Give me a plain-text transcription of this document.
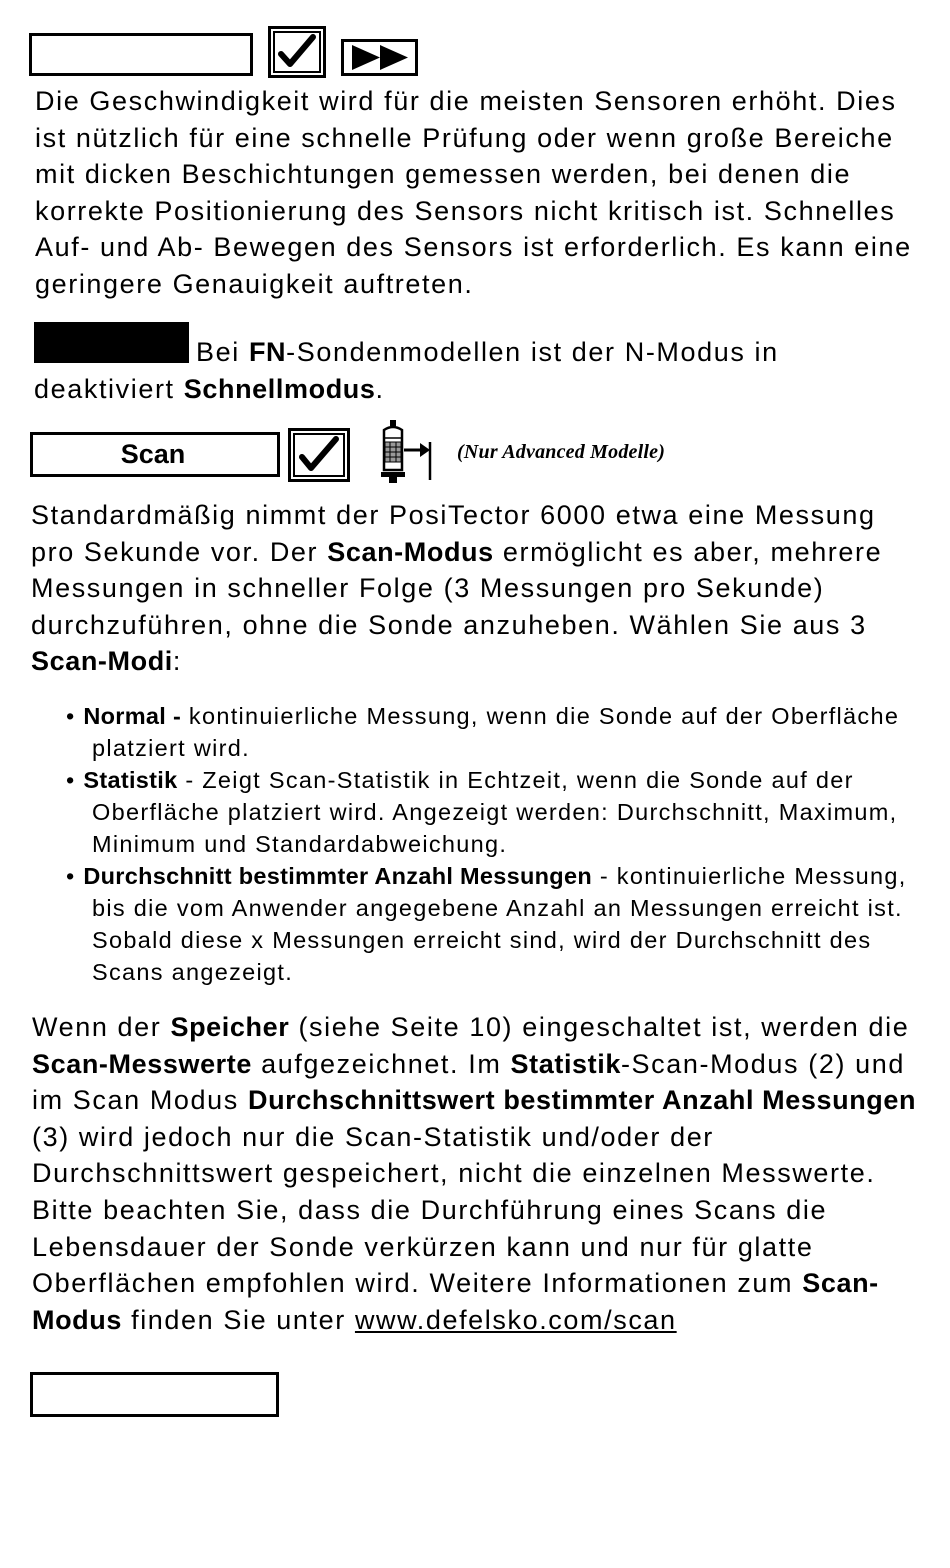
Die Geschwindigkeit wird für die meisten Sensoren erhöht. Dies ist nützlich für eine schnelle Prüfung oder wenn große Bereiche mit dicken Beschichtungen gemessen werden, bei denen die korrekte Positionierung des Sensors nicht kritisch ist. Schnelles Auf- und Ab- Bewegen des Sensors ist erforderlich. Es kann eine geringere Genauigkeit auftreten.

Bei FN-Sondenmodellen ist der N-Modus in deaktiviert Schnellmodus.

Scan	(Nur Advanced Modelle)

Standardmäßig nimmt der PosiTector 6000 etwa eine Messung pro Sekunde vor. Der Scan-Modus ermöglicht es aber, mehrere Messungen in schneller Folge (3 Messungen pro Sekunde) durchzuführen, ohne die Sonde anzuheben. Wählen Sie aus 3 Scan-Modi:

• Normal - kontinuierliche Messung, wenn die Sonde auf der Oberfläche platziert wird.
• Statistik - Zeigt Scan-Statistik in Echtzeit, wenn die Sonde auf der Oberfläche platziert wird. Angezeigt werden: Durchschnitt, Maximum, Minimum und Standardabweichung.
• Durchschnitt bestimmter Anzahl Messungen - kontinuierliche Messung, bis die vom Anwender angegebene Anzahl an Messungen erreicht ist. Sobald diese x Messungen erreicht sind, wird der Durchschnitt des Scans angezeigt.

Wenn der Speicher (siehe Seite 10) eingeschaltet ist, werden die Scan-Messwerte aufgezeichnet. Im Statistik-Scan-Modus (2) und im Scan Modus Durchschnittswert bestimmter Anzahl Messungen (3) wird jedoch nur die Scan-Statistik und/oder der Durchschnittswert gespeichert, nicht die einzelnen Messwerte. Bitte beachten Sie, dass die Durchführung eines Scans die Lebensdauer der Sonde verkürzen kann und nur für glatte Oberflächen empfohlen wird. Weitere Informationen zum Scan-Modus finden Sie unter www.defelsko.com/scan
